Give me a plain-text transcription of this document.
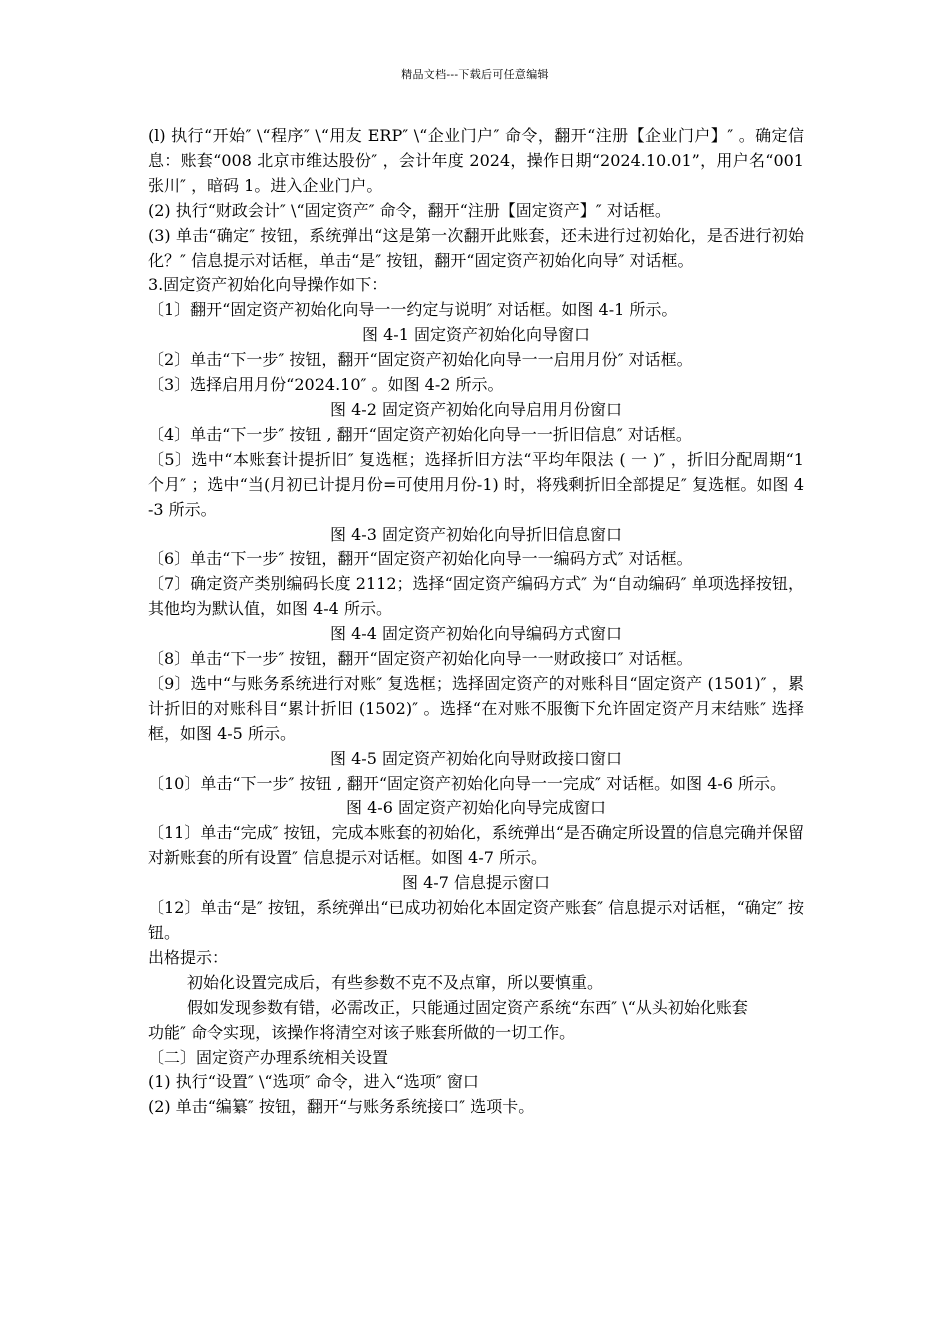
精品文档---下载后可任意编辑

(l) 执行“开始″ \“程序″ \“用友 ERP″ \“企业门户″ 命令，翻开“注册【企业门户】″ 。确定信息：账套“008 北京市维达股份″ ，会计年度 2024，操作日期“2024.10.01”，用户名“001 张川″ ，暗码 1。进入企业门户。

(2) 执行“财政会计″ \“固定资产″ 命令，翻开“注册【固定资产】″ 对话框。

(3) 单击“确定″ 按钮，系统弹出“这是第一次翻开此账套，还未进行过初始化，是否进行初始化？″ 信息提示对话框，单击“是″ 按钮，翻开“固定资产初始化向导″ 对话框。

3.固定资产初始化向导操作如下：

〔1〕翻开“固定资产初始化向导一一约定与说明″ 对话框。如图 4-1 所示。

图 4-1 固定资产初始化向导窗口

〔2〕单击“下一步″ 按钮，翻开“固定资产初始化向导一一启用月份″ 对话框。

〔3〕选择启用月份“2024.10″ 。如图 4-2 所示。

图 4-2 固定资产初始化向导启用月份窗口

〔4〕单击“下一步″ 按钮 , 翻开“固定资产初始化向导一一折旧信息″ 对话框。

〔5〕选中“本账套计提折旧″ 复选框；选择折旧方法“平均年限法 ( 一 )″ ，折旧分配周期“1 个月″ ；选中“当(月初已计提月份=可使用月份-1) 时，将残剩折旧全部提足″ 复选框。如图 4-3 所示。

图 4-3 固定资产初始化向导折旧信息窗口

〔6〕单击“下一步″ 按钮，翻开“固定资产初始化向导一一编码方式″ 对话框。

〔7〕确定资产类别编码长度 2112；选择“固定资产编码方式″ 为“自动编码″ 单项选择按钮，其他均为默认值，如图 4-4 所示。

图 4-4 固定资产初始化向导编码方式窗口

〔8〕单击“下一步″ 按钮，翻开“固定资产初始化向导一一财政接口″ 对话框。

〔9〕选中“与账务系统进行对账″ 复选框；选择固定资产的对账科目“固定资产 (1501)″ ，累计折旧的对账科目“累计折旧 (1502)″ 。选择“在对账不服衡下允许固定资产月末结账″ 选择框，如图 4-5 所示。

图 4-5 固定资产初始化向导财政接口窗口

〔10〕单击“下一步″ 按钮 , 翻开“固定资产初始化向导一一完成″ 对话框。如图 4-6 所示。

图 4-6 固定资产初始化向导完成窗口

〔11〕单击“完成″ 按钮，完成本账套的初始化，系统弹出“是否确定所设置的信息完确并保留对新账套的所有设置″ 信息提示对话框。如图 4-7 所示。

图 4-7 信息提示窗口

〔12〕单击“是″ 按钮，系统弹出“已成功初始化本固定资产账套″ 信息提示对话框，“确定″ 按钮。

出格提示：

初始化设置完成后，有些参数不克不及点窜，所以要慎重。

假如发现参数有错，必需改正，只能通过固定资产系统“东西″ \“从头初始化账套

功能″ 命令实现，该操作将清空对该子账套所做的一切工作。

〔二〕固定资产办理系统相关设置

(1) 执行“设置″ \“选项″ 命令，进入“选项″ 窗口

(2) 单击“编纂″ 按钮，翻开“与账务系统接口″ 选项卡。
